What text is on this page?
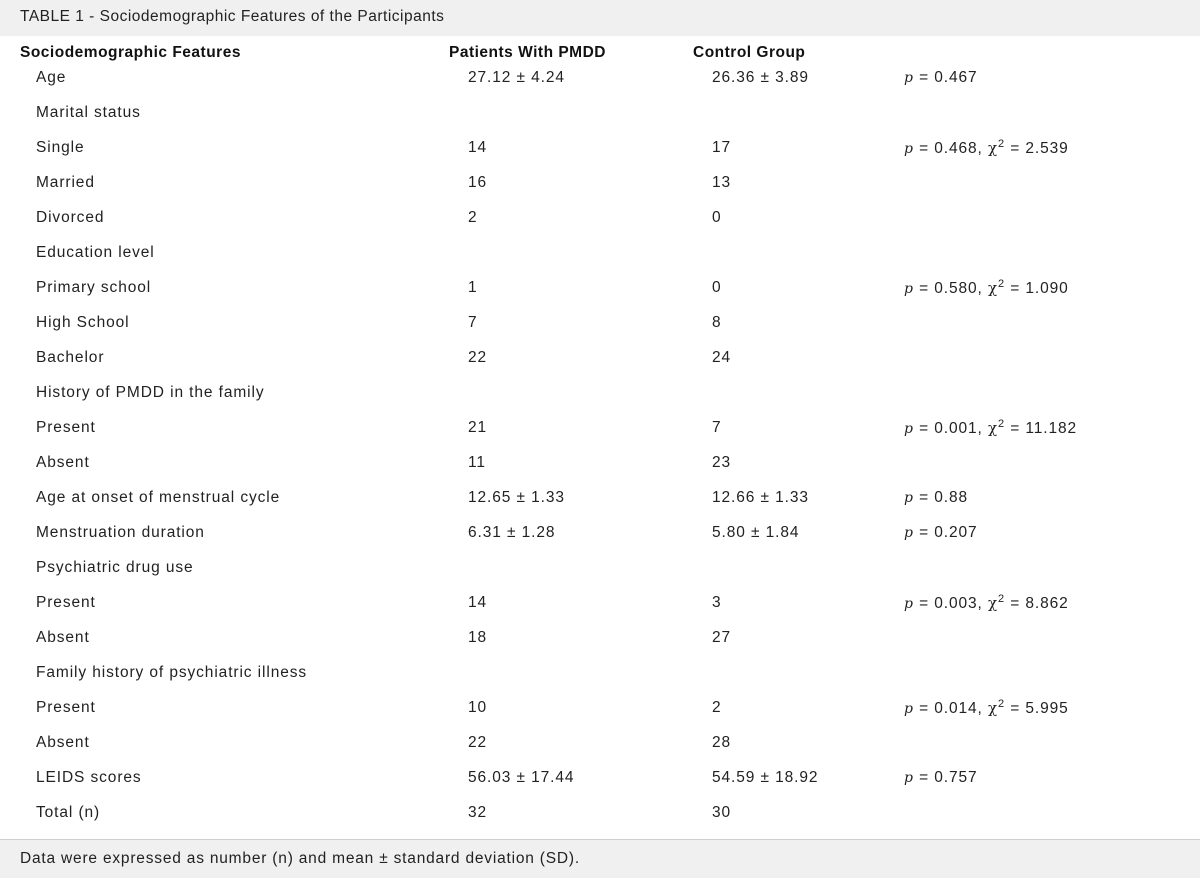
TABLE 1 - Sociodemographic Features of the Participants
Sociodemographic Features	Patients With PMDD	Control Group
Age	27.12 ± 4.24	26.36 ± 3.89	p = 0.467
Marital status
Single	14	17	p = 0.468, $\chi^2 = 2.539$
Married	16	13
Divorced	2	0
Education level
Primary school	1	0	p = 0.580, $\chi^2 = 1.090$
High School	7	8
Bachelor	22	24
History of PMDD in the family
Present	21	7	p = 0.001, $\chi^2 = 11.182$
Absent	11	23
Age at onset of menstrual cycle	12.65 ± 1.33	12.66 ± 1.33	p = 0.88
Menstruation duration	6.31 ± 1.28	5.80 ± 1.84	p = 0.207
Psychiatric drug use
Present	14	3	p = 0.003, $\chi^2 = 8.862$
Absent	18	27
Family history of psychiatric illness
Present	10	2	p = 0.014, $\chi^2 = 5.995$
Absent	22	28
LEIDS scores	56.03 ± 17.44	54.59 ± 18.92	p = 0.757
Total (n)	32	30
Data were expressed as number (n) and mean ± standard deviation (SD).
